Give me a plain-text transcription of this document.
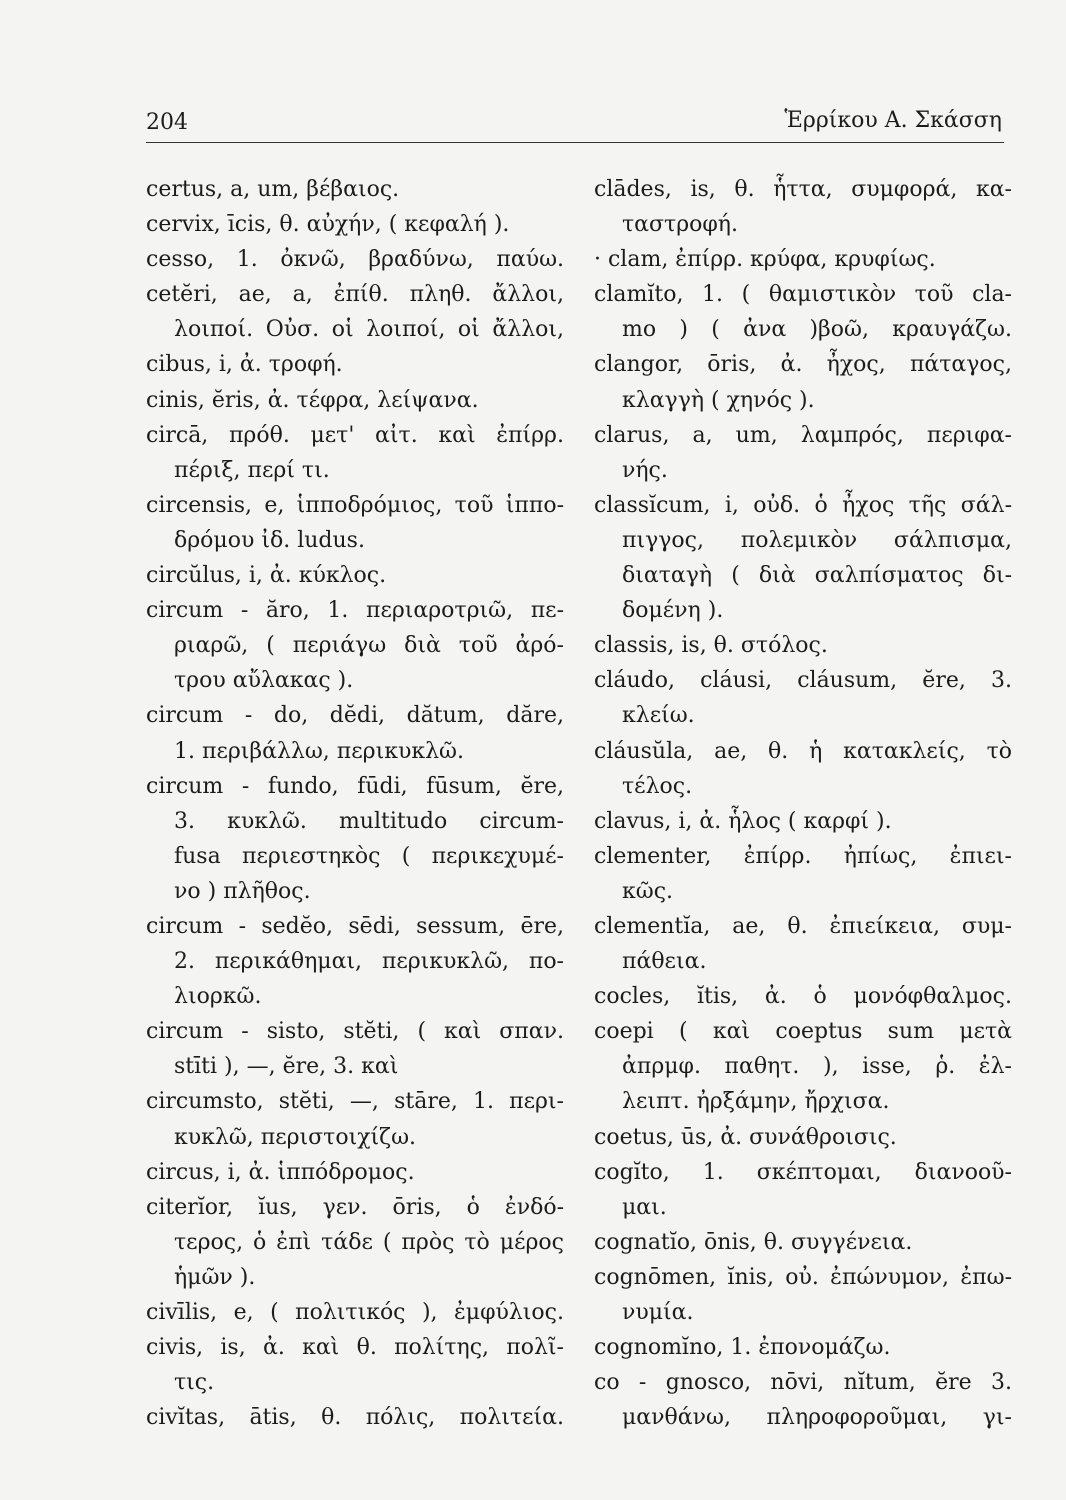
204	Ἑρρίκου Α. Σκάσση
certus, a, um, βέβαιος.
cervix, īcis, θ. αὐχήν, ( κεφαλή ).
cesso, 1. ὀκνῶ, βραδύνω, παύω.
cetĕri, ae, a, ἐπίθ. πληθ. ἄλλοι,
λοιποί. Οὐσ. οἱ λοιποί, οἱ ἄλλοι,
cibus, i, ἀ. τροφή.
cinis, ĕris, ἀ. τέφρα, λείψανα.
circā, πρόθ. μετ' αἰτ. καὶ ἐπίρρ.
πέριξ, περί τι.
circensis, e, ἱπποδρόμιος, τοῦ ἱππο-
δρόμου ἰδ. ludus.
circŭlus, i, ἀ. κύκλος.
circum - ăro, 1. περιαροτριῶ, πε-
ριαρῶ, ( περιάγω διὰ τοῦ ἀρό-
τρου αὔλακας ).
circum - do, dĕdi, dătum, dăre,
1. περιβάλλω, περικυκλῶ.
circum - fundo, fūdi, fūsum, ĕre,
3. κυκλῶ. multitudo circum-
fusa περιεστηκὸς ( περικεχυμέ-
νο ) πλῆθος.
circum - sedĕo, sēdi, sessum, ēre,
2. περικάθημαι, περικυκλῶ, πο-
λιορκῶ.
circum - sisto, stĕti, ( καὶ σπαν.
stīti ), —, ĕre, 3. καὶ
circumsto, stĕti, —, stāre, 1. περι-
κυκλῶ, περιστοιχίζω.
circus, i, ἀ. ἱππόδρομος.
citerĭor, ĭus, γεν. ōris, ὁ ἐνδό-
τερος, ὁ ἐπὶ τάδε ( πρὸς τὸ μέρος
ἡμῶν ).
civīlis, e, ( πολιτικός ), ἐμφύλιος.
civis, is, ἀ. καὶ θ. πολίτης, πολῖ-
τις.
civĭtas, ātis, θ. πόλις, πολιτεία.
clādes, is, θ. ἧττα, συμφορά, κα-
ταστροφή.
· clam, ἐπίρρ. κρύφα, κρυφίως.
clamĭto, 1. ( θαμιστικὸν τοῦ cla-
mo ) ( ἀνα )βοῶ, κραυγάζω.
clangor, ōris, ἀ. ἦχος, πάταγος,
κλαγγὴ ( χηνός ).
clarus, a, um, λαμπρός, περιφα-
νής.
classĭcum, i, οὐδ. ὁ ἦχος τῆς σάλ-
πιγγος, πολεμικὸν σάλπισμα,
διαταγὴ ( διὰ σαλπίσματος δι-
δομένη ).
classis, is, θ. στόλος.
cláudo, cláusi, cláusum, ĕre, 3.
κλείω.
cláusŭla, ae, θ. ἡ κατακλείς, τὸ
τέλος.
clavus, i, ἀ. ἧλος ( καρφί ).
clementer, ἐπίρρ. ἠπίως, ἐπιει-
κῶς.
clementĭa, ae, θ. ἐπιείκεια, συμ-
πάθεια.
cocles, ĭtis, ἀ. ὁ μονόφθαλμος.
coepi ( καὶ coeptus sum μετὰ
ἀπρμφ. παθητ. ), isse, ῥ. ἐλ-
λειπτ. ἠρξάμην, ἤρχισα.
coetus, ūs, ἀ. συνάθροισις.
cogĭto, 1. σκέπτομαι, διανοοῦ-
μαι.
cognatĭo, ōnis, θ. συγγένεια.
cognōmen, ĭnis, οὐ. ἐπώνυμον, ἐπω-
νυμία.
cognomĭno, 1. ἐπονομάζω.
co - gnosco, nōvi, nĭtum, ĕre 3.
μανθάνω, πληροφοροῦμαι, γι-
